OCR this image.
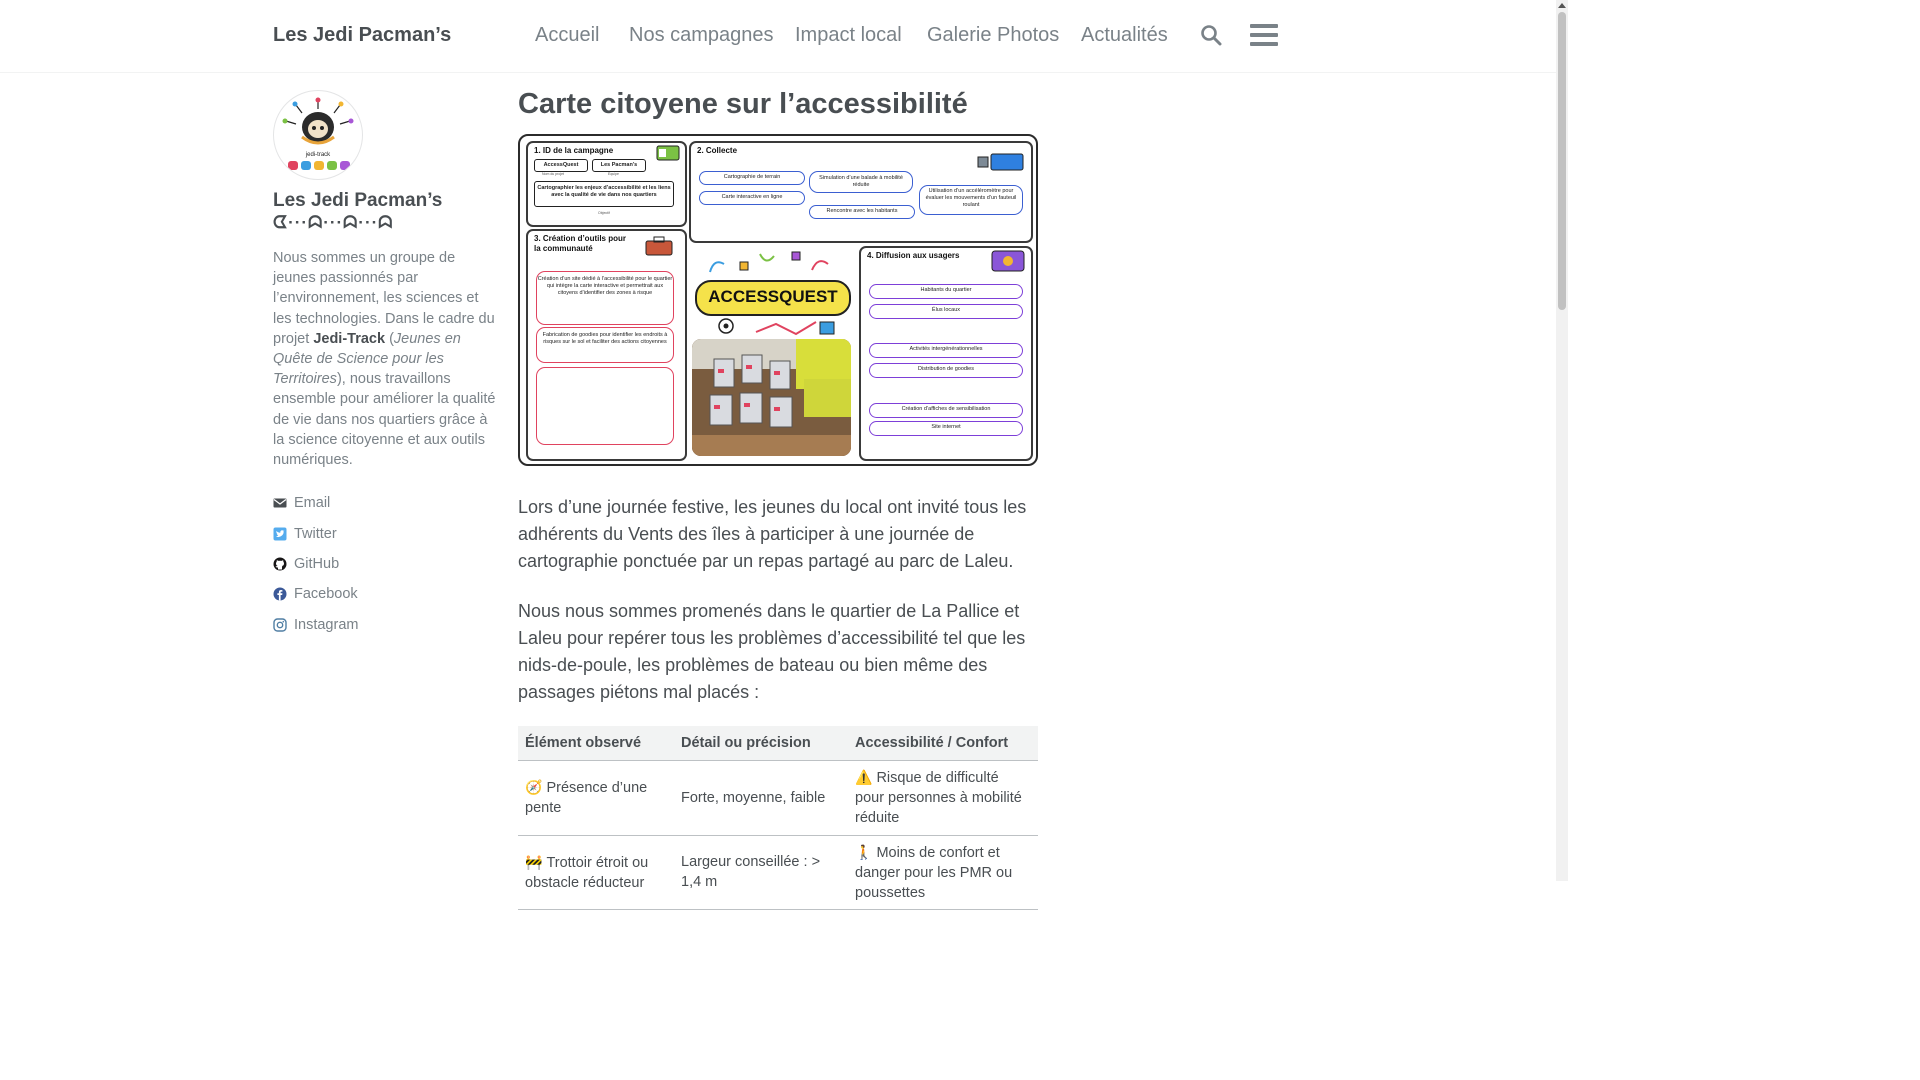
Les Jedi Pacman’s	Accueil Nos campagnes Impact local Galerie Photos Actualités
jedi-track
Les Jedi Pacman’s
ᗧ···ᗣ···ᗣ···ᗣ
Nous sommes un groupe de jeunes passionnés par l’environnement, les sciences et les technologies. Dans le cadre du projet Jedi-Track (Jeunes en Quête de Science pour les Territoires), nous travaillons ensemble pour améliorer la qualité de vie dans nos quartiers grâce à la science citoyenne et aux outils numériques.
Email
Twitter
GitHub
Facebook
Instagram
Carte citoyene sur l’accessibilité
1. ID de la campagne
AccessQuest	Les Pacman’s
Nom du projet	Equipe
Cartographier les enjeux d’accessibilité et les liens avec la qualité de vie dans nos quartiers
Objectif
2. Collecte
Cartographie de terrain
Carte interactive en ligne
Simulation d’une balade à mobilité réduite
Rencontre avec les habitants
Utilisation d’un accéléromètre pour évaluer les mouvements d’un fauteuil roulant
3. Création d’outils pour la communauté
Création d’un site dédié à l’accessibilité pour le quartier qui intègre la carte interactive et permettrait aux citoyens d’identifier des zones à risque
Fabrication de goodies pour identifier les endroits à risques sur le sol et faciliter des actions citoyennes
4. Diffusion aux usagers
Habitants du quartier
Élus locaux
Activités intergénérationnelles
Distribution de goodies
Création d’affiches de sensibilisation
Site internet
ACCESSQUEST

Lors d’une journée festive, les jeunes du local ont invité tous les adhérents du Vents des îles à participer à une journée de cartographie ponctuée par un repas partagé au parc de Laleu.

Nous nous sommes promenés dans le quartier de La Pallice et Laleu pour repérer tous les problèmes d’accessibilité tel que les nids-de-poule, les problèmes de bateau ou bien même des passages piétons mal placés :

Élément observé	Détail ou précision	Accessibilité / Confort
🧭 Présence d’une pente	Forte, moyenne, faible	⚠️ Risque de difficulté pour personnes à mobilité réduite
🚧 Trottoir étroit ou obstacle réducteur	Largeur conseillée : > 1,4 m	🚶 Moins de confort et danger pour les PMR ou poussettes
